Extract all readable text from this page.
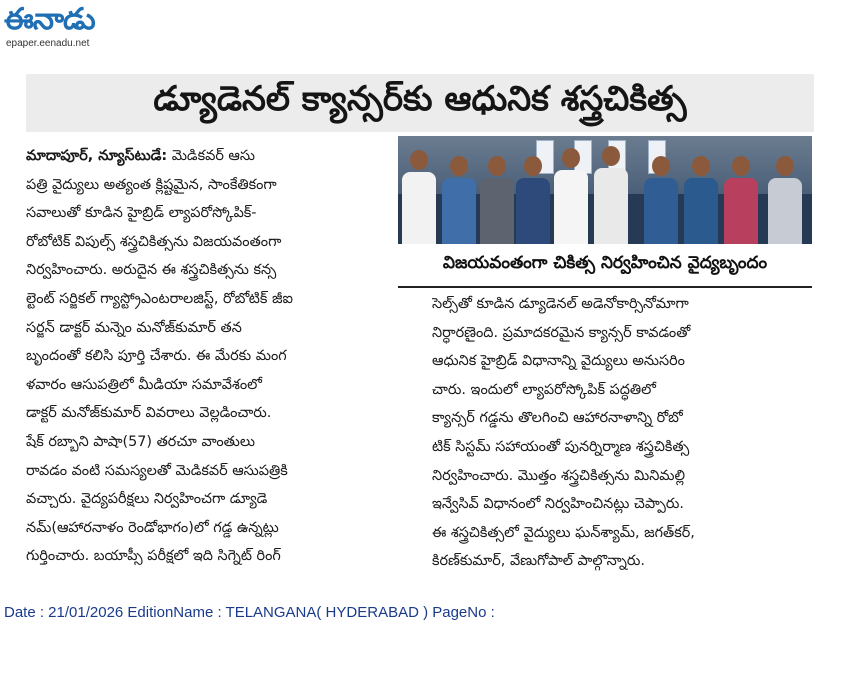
ఈనాడు
epaper.eenadu.net
డ్యూడెనల్ క్యాన్సర్‌కు ఆధునిక శస్త్రచికిత్స
విజయవంతంగా చికిత్స నిర్వహించిన వైద్యబృందం
మాదాపూర్, న్యూస్‌టుడే: మెడికవర్ ఆసు
పత్రి వైద్యులు అత్యంత క్లిష్టమైన, సాంకేతికంగా
సవాలుతో కూడిన హైబ్రిడ్ ల్యాపరోస్కోపిక్-
రోబోటిక్ విపుల్స్ శస్త్రచికిత్సను విజయవంతంగా
నిర్వహించారు. అరుదైన ఈ శస్త్రచికిత్సను కన్స
ల్టెంట్ సర్జికల్ గ్యాస్ట్రోఎంటరాలజిస్ట్, రోబోటిక్ జీఐ
సర్జన్ డాక్టర్ మన్నెం మనోజ్‌కుమార్ తన
బృందంతో కలిసి పూర్తి చేశారు. ఈ మేరకు మంగ
ళవారం ఆసుపత్రిలో మీడియా సమావేశంలో
డాక్టర్ మనోజ్‌కుమార్ వివరాలు వెల్లడించారు.
షేక్ రబ్బాని పాషా(57) తరచూ వాంతులు
రావడం వంటి సమస్యలతో మెడికవర్ ఆసుపత్రికి
వచ్చారు. వైద్యపరీక్షలు నిర్వహించగా డ్యూడె
నమ్(ఆహారనాళం రెండోభాగం)లో గడ్డ ఉన్నట్లు
గుర్తించారు. బయాప్సీ పరీక్షలో ఇది సిగ్నెట్ రింగ్
సెల్స్‌తో కూడిన డ్యూడెనల్ అడెనోకార్సినోమాగా
నిర్ధారణైంది. ప్రమాదకరమైన క్యాన్సర్ కావడంతో
ఆధునిక హైబ్రిడ్ విధానాన్ని వైద్యులు అనుసరిం
చారు. ఇందులో ల్యాపరోస్కోపిక్ పద్ధతిలో
క్యాన్సర్ గడ్డను తొలగించి ఆహారనాళాన్ని రోబో
టిక్ సిస్టమ్ సహాయంతో పునర్నిర్మాణ శస్త్రచికిత్స
నిర్వహించారు. మొత్తం శస్త్రచికిత్సను మినిమల్లి
ఇన్వేసివ్ విధానంలో నిర్వహించినట్లు చెప్పారు.
ఈ శస్త్రచికిత్సలో వైద్యులు ఘన్‌శ్యామ్, జగత్‌కర్,
కిరణ్‌కుమార్, వేణుగోపాల్ పాల్గొన్నారు.
Date : 21/01/2026 EditionName : TELANGANA( HYDERABAD ) PageNo :
